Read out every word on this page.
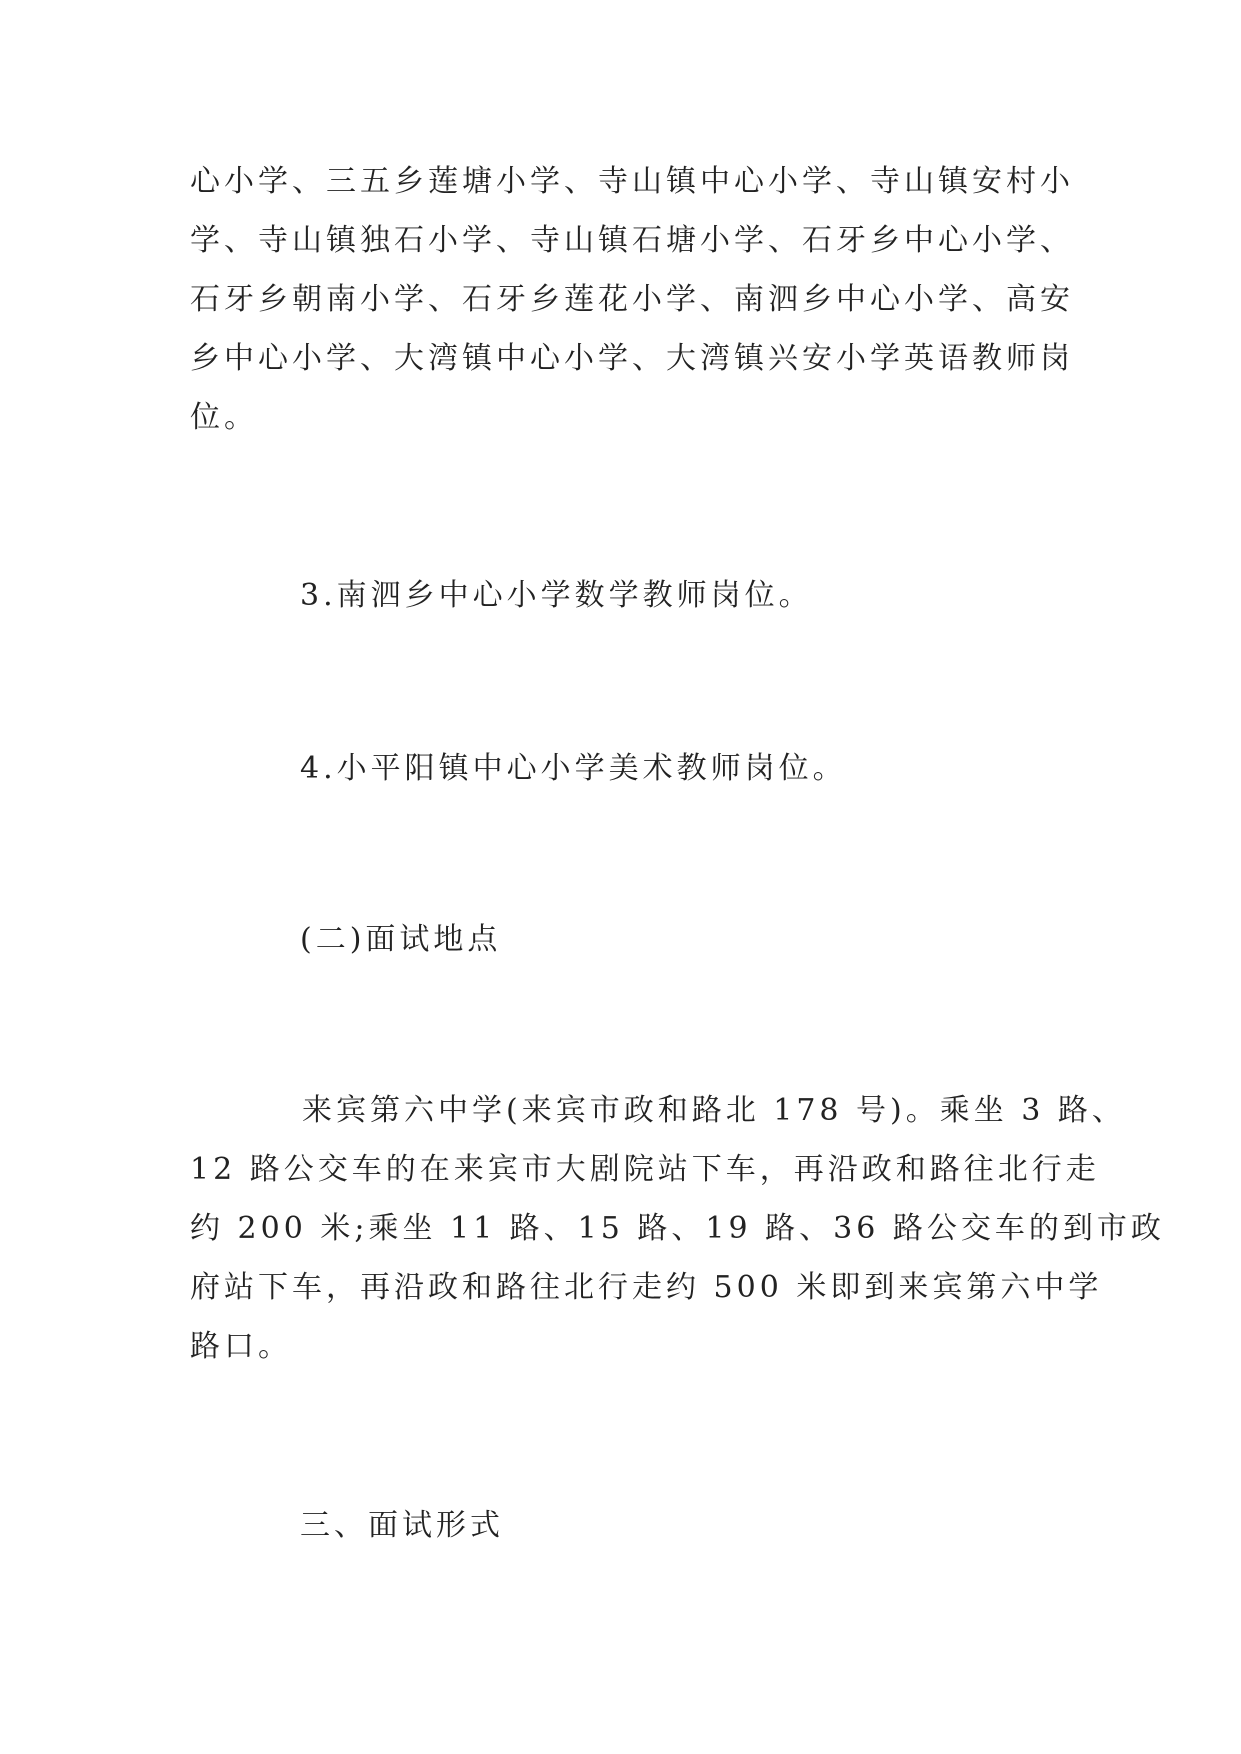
心小学、三五乡莲塘小学、寺山镇中心小学、寺山镇安村小
学、寺山镇独石小学、寺山镇石塘小学、石牙乡中心小学、
石牙乡朝南小学、石牙乡莲花小学、南泗乡中心小学、高安
乡中心小学、大湾镇中心小学、大湾镇兴安小学英语教师岗
位。

3.南泗乡中心小学数学教师岗位。

4.小平阳镇中心小学美术教师岗位。

(二)面试地点

来宾第六中学(来宾市政和路北 178 号)。乘坐 3 路、
12 路公交车的在来宾市大剧院站下车，再沿政和路往北行走
约 200 米;乘坐 11 路、15 路、19 路、36 路公交车的到市政
府站下车，再沿政和路往北行走约 500 米即到来宾第六中学
路口。

三、面试形式
